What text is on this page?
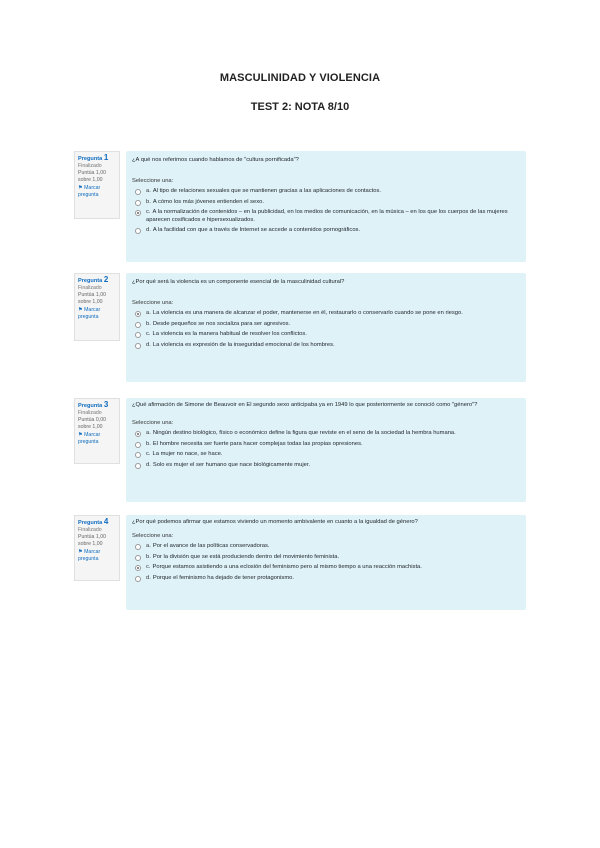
MASCULINIDAD Y VIOLENCIA
TEST 2: NOTA 8/10
Pregunta 1
Finalizado
Puntúa 1,00 sobre 1,00
⚑ Marcar pregunta
¿A qué nos referimos cuando hablamos de "cultura pornificada"?
Seleccione una:
a. Al tipo de relaciones sexuales que se mantienen gracias a las aplicaciones de contactos.
b. A cómo los más jóvenes entienden el sexo.
c. A la normalización de contenidos – en la publicidad, en los medios de comunicación, en la música – en los que los cuerpos de las mujeres aparecen cosificados e hipersexualizados.
d. A la facilidad con que a través de Internet se accede a contenidos pornográficos.
Pregunta 2
Finalizado
Puntúa 1,00 sobre 1,00
⚑ Marcar pregunta
¿Por qué será la violencia es un componente esencial de la masculinidad cultural?
Seleccione una:
a. La violencia es una manera de alcanzar el poder, mantenerse en él, restaurarlo o conservarlo cuando se pone en riesgo.
b. Desde pequeños se nos socializa para ser agresivos.
c. La violencia es la manera habitual de resolver los conflictos.
d. La violencia es expresión de la inseguridad emocional de los hombres.
Pregunta 3
Finalizado
Puntúa 0,00 sobre 1,00
⚑ Marcar pregunta
¿Qué afirmación de Simone de Beauvoir en El segundo sexo anticipaba ya en 1949 lo que posteriormente se conoció como "género"?
Seleccione una:
a. Ningún destino biológico, físico o económico define la figura que reviste en el seno de la sociedad la hembra humana.
b. El hombre necesita ser fuerte para hacer complejas todas las propias opresiones.
c. La mujer no nace, se hace.
d. Solo es mujer el ser humano que nace biológicamente mujer.
Pregunta 4
Finalizado
Puntúa 1,00 sobre 1,00
⚑ Marcar pregunta
¿Por qué podemos afirmar que estamos viviendo un momento ambivalente en cuanto a la igualdad de género?
Seleccione una:
a. Por el avance de las políticas conservadoras.
b. Por la división que se está produciendo dentro del movimiento feminista.
c. Porque estamos asistiendo a una eclosión del feminismo pero al mismo tiempo a una reacción machista.
d. Porque el feminismo ha dejado de tener protagonismo.
